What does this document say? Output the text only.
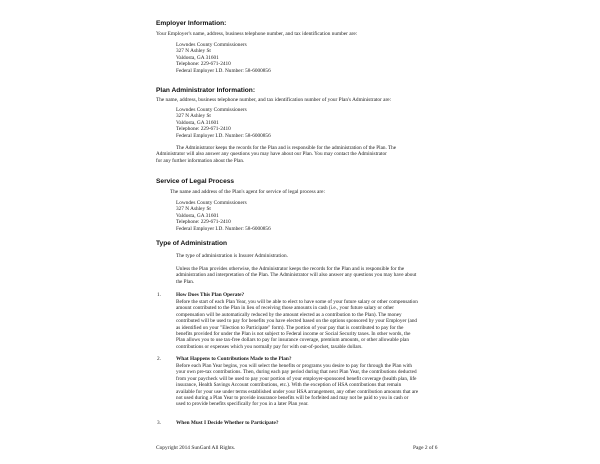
Employer Information:
Your Employer's name, address, business telephone number, and tax identification number are:
Lowndes County Commissioners
327 N Ashley St
Valdosta, GA 31601
Telephone: 229-671-2410
Federal Employer I.D. Number: 58-6000856
Plan Administrator Information:
The name, address, business telephone number, and tax identification number of your Plan's Administrator are:
Lowndes County Commissioners
327 N Ashley St
Valdosta, GA 31601
Telephone: 229-671-2410
Federal Employer I.D. Number: 58-6000856
The Administrator keeps the records for the Plan and is responsible for the administration of the Plan. The
Administrator will also answer any questions you may have about our Plan. You may contact the Administrator
for any further information about the Plan.
Service of Legal Process
The name and address of the Plan's agent for service of legal process are:
Lowndes County Commissioners
327 N Ashley St
Valdosta, GA 31601
Telephone: 229-671-2410
Federal Employer I.D. Number: 58-6000856
Type of Administration
The type of administration is Insurer Administration.
Unless the Plan provides otherwise, the Administrator keeps the records for the Plan and is responsible for the
administration and interpretation of the Plan. The Administrator will also answer any questions you may have about
the Plan.
1.	How Does This Plan Operate?
Before the start of each Plan Year, you will be able to elect to have some of your future salary or other compensation
amount contributed to the Plan in lieu of receiving those amounts in cash (i.e., your future salary or other
compensation will be automatically reduced by the amount elected as a contribution to the Plan). The money
contributed will be used to pay for benefits you have elected based on the options sponsored by your Employer (and
as identified on your "Election to Participate" form). The portion of your pay that is contributed to pay for the
benefits provided for under the Plan is not subject to Federal income or Social Security taxes. In other words, the
Plan allows you to use tax-free dollars to pay for insurance coverage, premium amounts, or other allowable plan
contributions or expenses which you normally pay for with out-of-pocket, taxable dollars.
2.	What Happens to Contributions Made to the Plan?
Before each Plan Year begins, you will select the benefits or programs you desire to pay for through the Plan with
your own pre-tax contributions. Then, during each pay period during that next Plan Year, the contributions deducted
from your paycheck will be used to pay your portion of your employer-sponsored benefit coverage (health plan, life
insurance, Health Savings Account contributions, etc.). With the exception of HSA contributions that remain
available for your use under terms established under your HSA arrangement, any other contribution amounts that are
not used during a Plan Year to provide insurance benefits will be forfeited and may not be paid to you in cash or
used to provide benefits specifically for you in a later Plan year.
3.	When Must I Decide Whether to Participate?
Copyright 2014 SunGard All Rights.	Page 2 of 6
